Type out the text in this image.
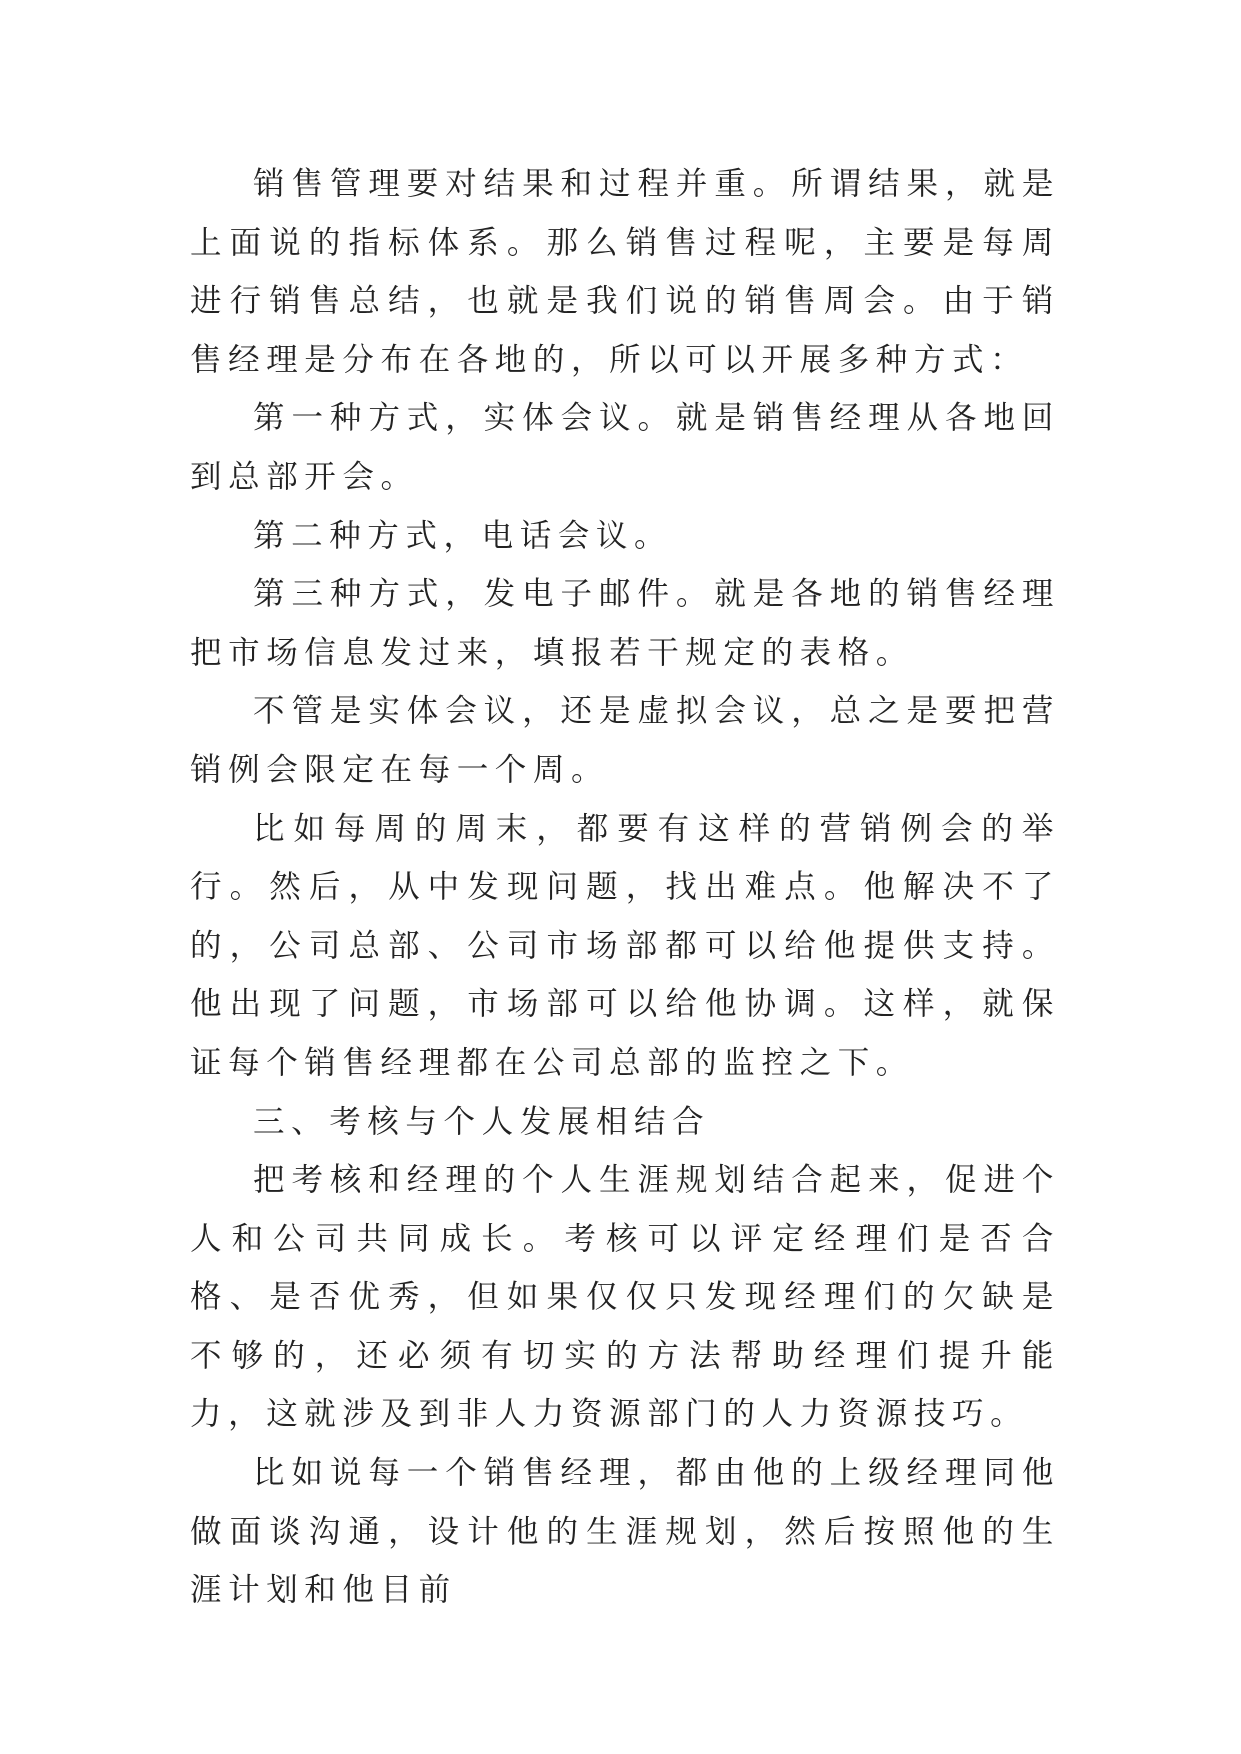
销售管理要对结果和过程并重。所谓结果，就是上面说的指标体系。那么销售过程呢，主要是每周进行销售总结，也就是我们说的销售周会。由于销售经理是分布在各地的，所以可以开展多种方式：

第一种方式，实体会议。就是销售经理从各地回到总部开会。

第二种方式，电话会议。

第三种方式，发电子邮件。就是各地的销售经理把市场信息发过来，填报若干规定的表格。

不管是实体会议，还是虚拟会议，总之是要把营销例会限定在每一个周。

比如每周的周末，都要有这样的营销例会的举行。然后，从中发现问题，找出难点。他解决不了的，公司总部、公司市场部都可以给他提供支持。他出现了问题，市场部可以给他协调。这样，就保证每个销售经理都在公司总部的监控之下。

三、考核与个人发展相结合

把考核和经理的个人生涯规划结合起来，促进个人和公司共同成长。考核可以评定经理们是否合格、是否优秀，但如果仅仅只发现经理们的欠缺是不够的，还必须有切实的方法帮助经理们提升能力，这就涉及到非人力资源部门的人力资源技巧。

比如说每一个销售经理，都由他的上级经理同他做面谈沟通，设计他的生涯规划，然后按照他的生涯计划和他目前
